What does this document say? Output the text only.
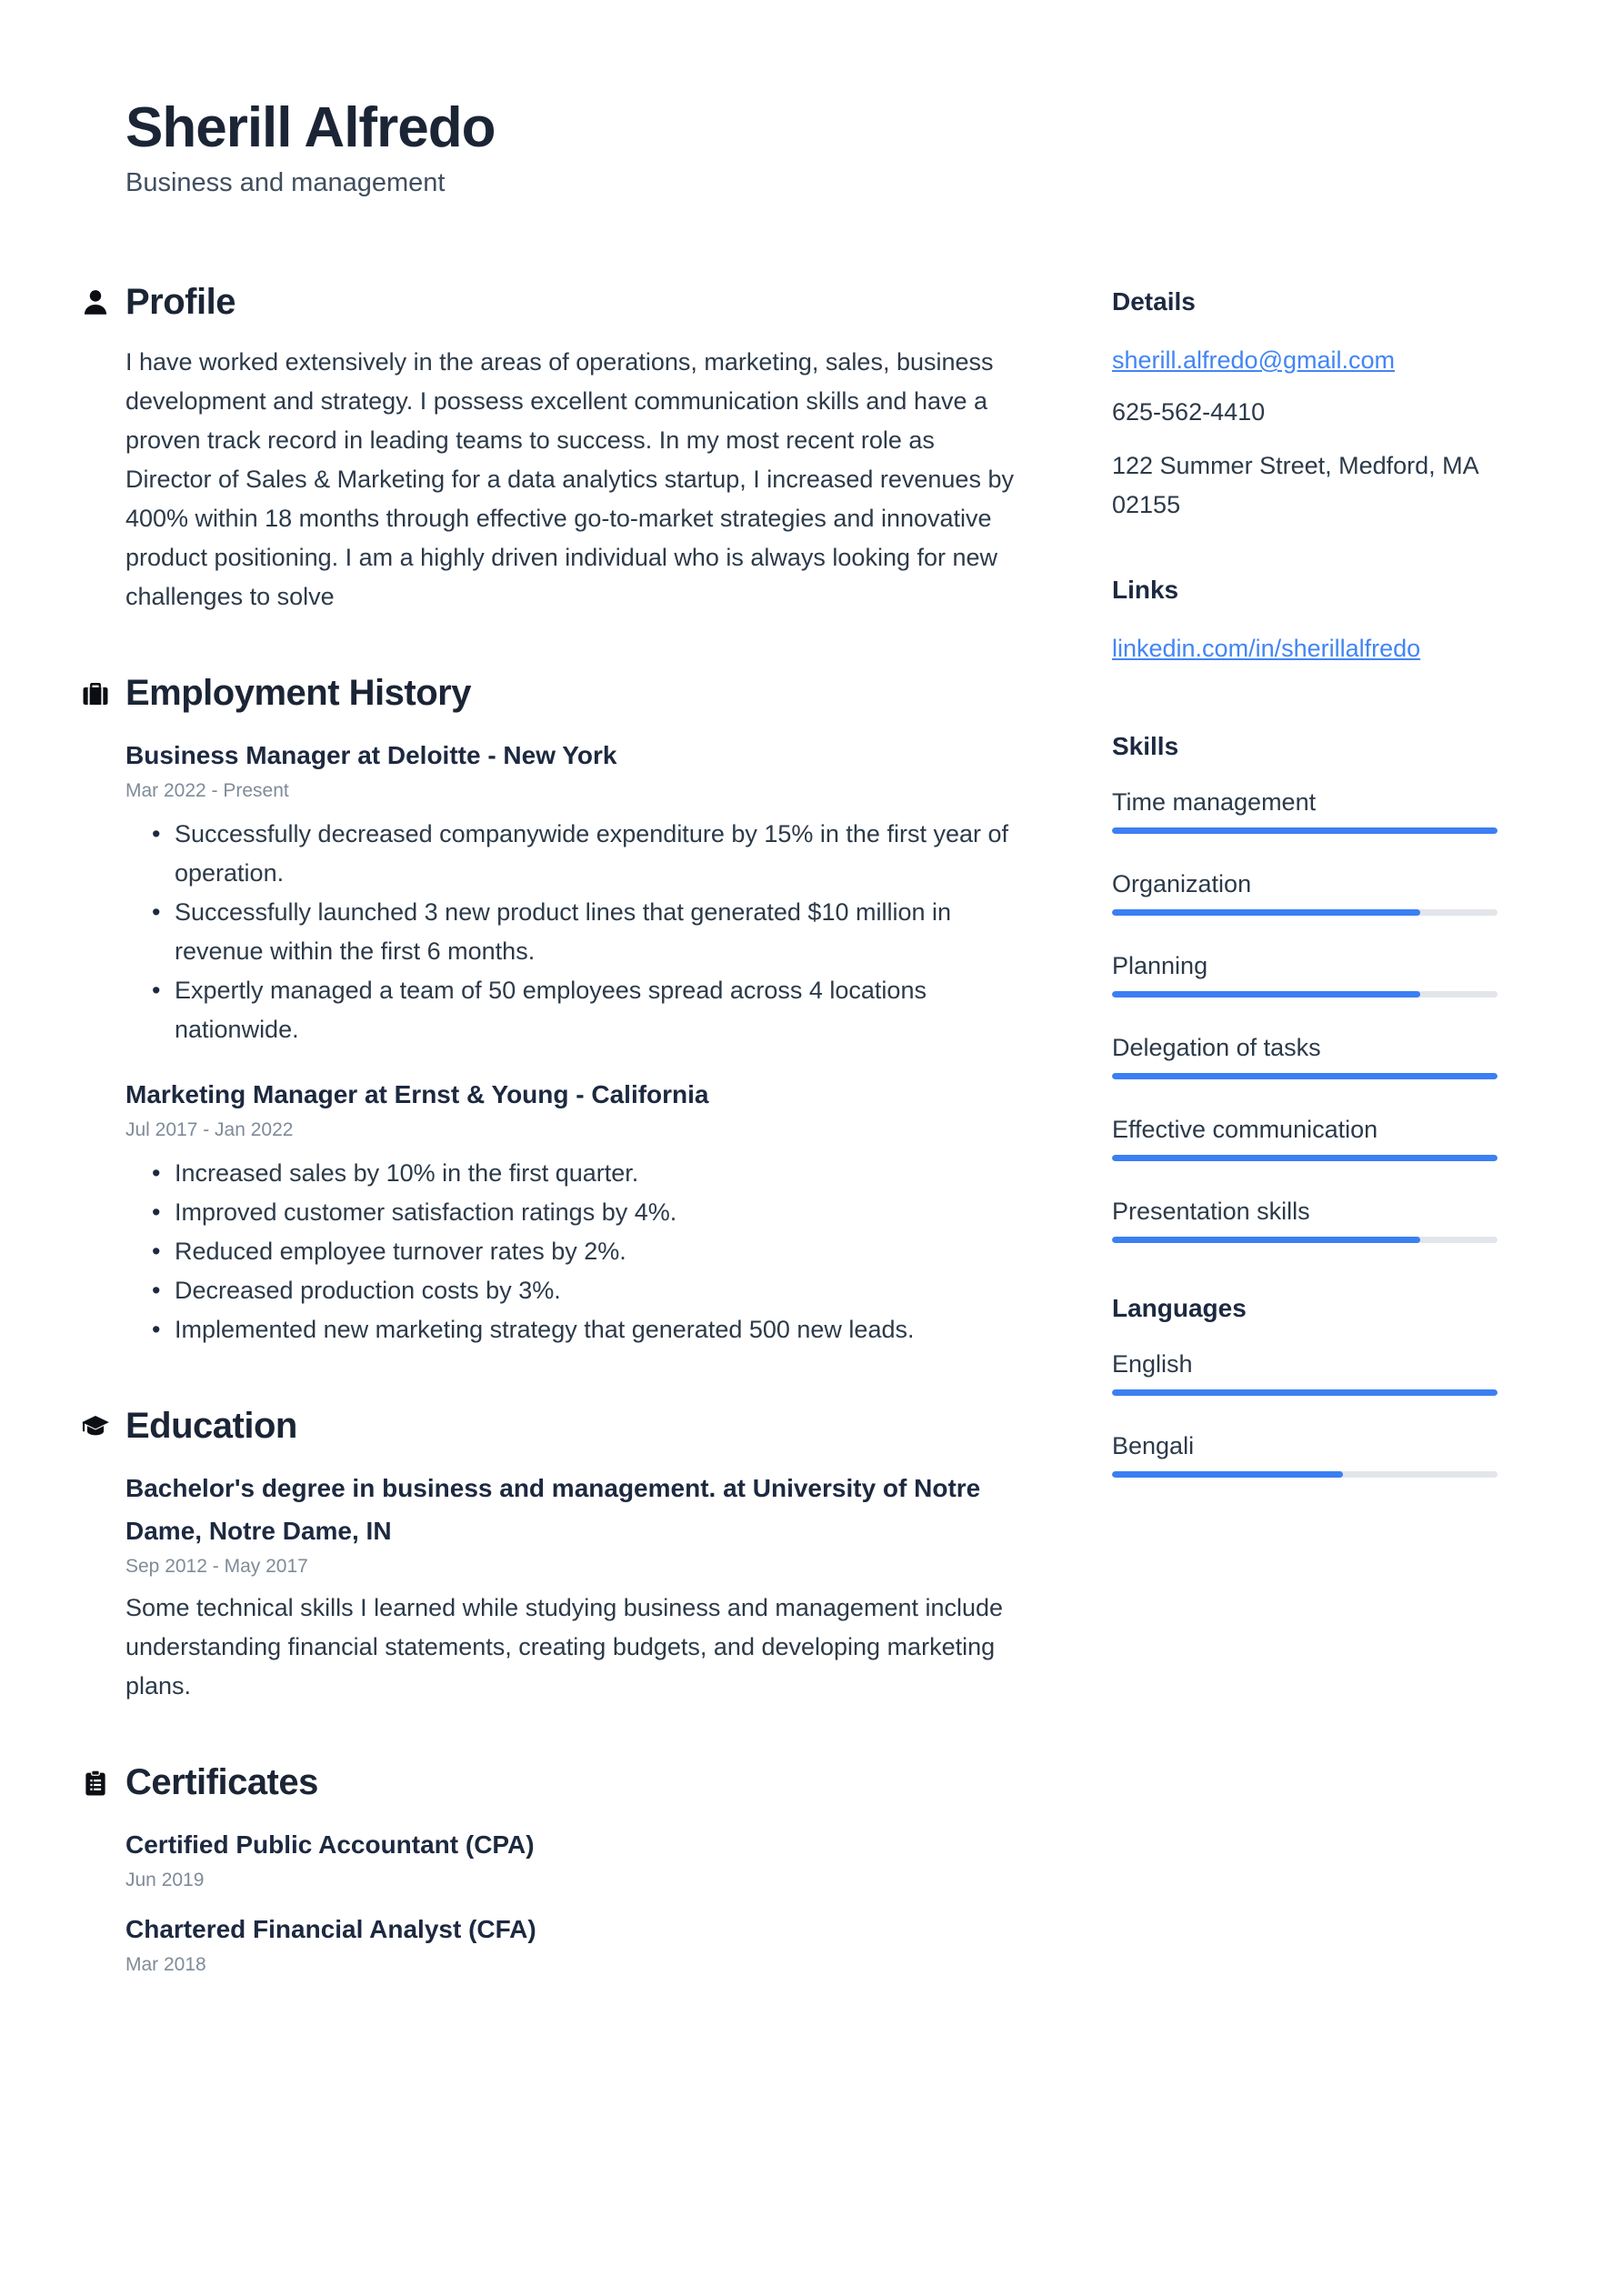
Sherill Alfredo
Business and management
Profile

I have worked extensively in the areas of operations, marketing, sales, business development and strategy. I possess excellent communication skills and have a proven track record in leading teams to success. In my most recent role as Director of Sales & Marketing for a data analytics startup, I increased revenues by 400% within 18 months through effective go-to-market strategies and innovative product positioning. I am a highly driven individual who is always looking for new challenges to solve

Employment History
Business Manager at Deloitte - New York
Mar 2022 - Present
• Successfully decreased companywide expenditure by 15% in the first year of operation.
• Successfully launched 3 new product lines that generated $10 million in revenue within the first 6 months.
• Expertly managed a team of 50 employees spread across 4 locations nationwide.
Marketing Manager at Ernst & Young - California
Jul 2017 - Jan 2022
• Increased sales by 10% in the first quarter.
• Improved customer satisfaction ratings by 4%.
• Reduced employee turnover rates by 2%.
• Decreased production costs by 3%.
• Implemented new marketing strategy that generated 500 new leads.
Education
Bachelor's degree in business and management. at University of Notre Dame, Notre Dame, IN
Sep 2012 - May 2017

Some technical skills I learned while studying business and management include understanding financial statements, creating budgets, and developing marketing plans.

Certificates
Certified Public Accountant (CPA)
Jun 2019
Chartered Financial Analyst (CFA)
Mar 2018
Details
sherill.alfredo@gmail.com
625-562-4410
122 Summer Street, Medford, MA 02155
Links
linkedin.com/in/sherillalfredo
Skills
Time management
Organization
Planning
Delegation of tasks
Effective communication
Presentation skills
Languages
English
Bengali
